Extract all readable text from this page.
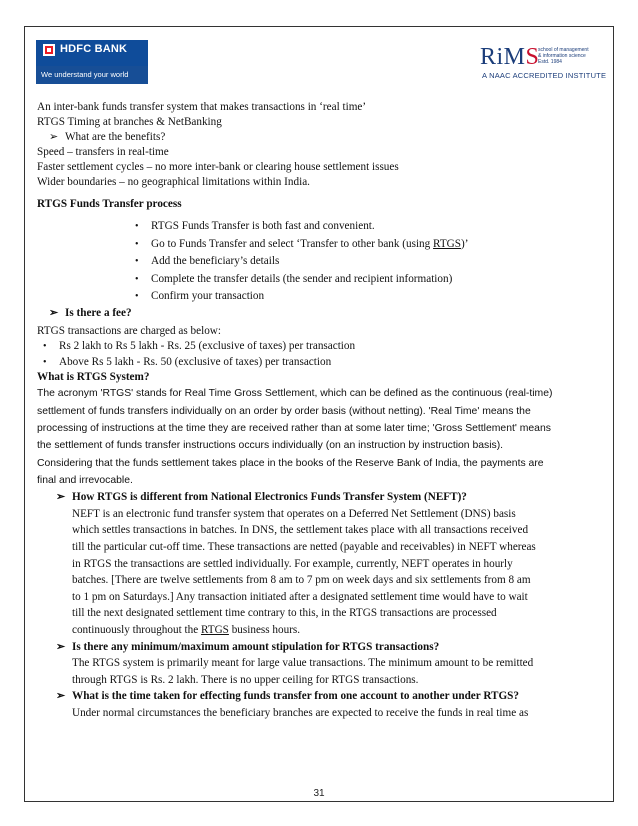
HDFC BANK
We understand your world
RiMS
school of management
& information science
Estd. 1984
A NAAC ACCREDITED INSTITUTE
An inter-bank funds transfer system that makes transactions in ‘real time’
RTGS Timing at branches & NetBanking
➢ What are the benefits?
Speed – transfers in real-time
Faster settlement cycles – no more inter-bank or clearing house settlement issues
Wider boundaries – no geographical limitations within India.
RTGS Funds Transfer process
•	RTGS Funds Transfer is both fast and convenient.
•	Go to Funds Transfer and select ‘Transfer to other bank (using RTGS)’
•	Add the beneficiary’s details
•	Complete the transfer details (the sender and recipient information)
•	Confirm your transaction
➢ Is there a fee?
RTGS transactions are charged as below:
•	Rs 2 lakh to Rs 5 lakh - Rs. 25 (exclusive of taxes) per transaction
•	Above Rs 5 lakh - Rs. 50 (exclusive of taxes) per transaction
What is RTGS System?
The acronym 'RTGS' stands for Real Time Gross Settlement, which can be defined as the continuous (real-time)
settlement of funds transfers individually on an order by order basis (without netting). 'Real Time' means the
processing of instructions at the time they are received rather than at some later time; 'Gross Settlement' means
the settlement of funds transfer instructions occurs individually (on an instruction by instruction basis).
Considering that the funds settlement takes place in the books of the Reserve Bank of India, the payments are
final and irrevocable.
➢ How RTGS is different from National Electronics Funds Transfer System (NEFT)?
NEFT is an electronic fund transfer system that operates on a Deferred Net Settlement (DNS) basis
which settles transactions in batches. In DNS, the settlement takes place with all transactions received
till the particular cut-off time. These transactions are netted (payable and receivables) in NEFT whereas
in RTGS the transactions are settled individually. For example, currently, NEFT operates in hourly
batches. [There are twelve settlements from 8 am to 7 pm on week days and six settlements from 8 am
to 1 pm on Saturdays.] Any transaction initiated after a designated settlement time would have to wait
till the next designated settlement time contrary to this, in the RTGS transactions are processed
continuously throughout the RTGS business hours.
➢ Is there any minimum/maximum amount stipulation for RTGS transactions?
The RTGS system is primarily meant for large value transactions. The minimum amount to be remitted
through RTGS is Rs. 2 lakh. There is no upper ceiling for RTGS transactions.
➢ What is the time taken for effecting funds transfer from one account to another under RTGS?
Under normal circumstances the beneficiary branches are expected to receive the funds in real time as
31
